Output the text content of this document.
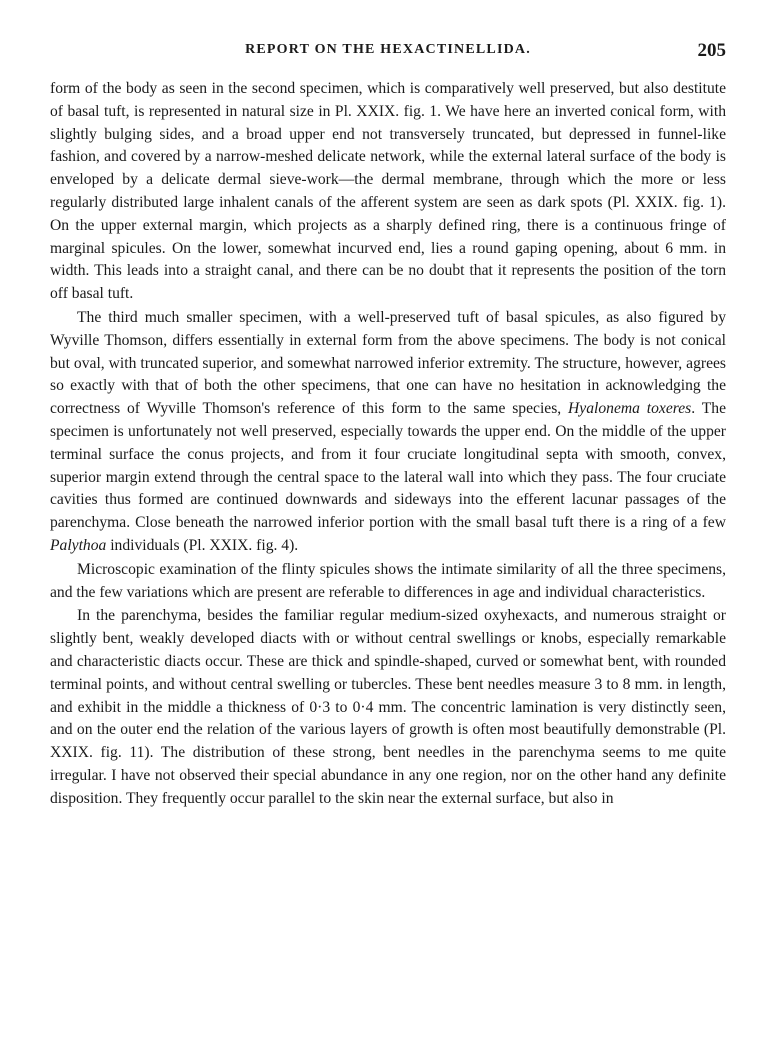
REPORT ON THE HEXACTINELLIDA.	205

form of the body as seen in the second specimen, which is comparatively well preserved, but also destitute of basal tuft, is represented in natural size in Pl. XXIX. fig. 1. We have here an inverted conical form, with slightly bulging sides, and a broad upper end not transversely truncated, but depressed in funnel-like fashion, and covered by a narrow-meshed delicate network, while the external lateral surface of the body is enveloped by a delicate dermal sieve-work—the dermal membrane, through which the more or less regularly distributed large inhalent canals of the afferent system are seen as dark spots (Pl. XXIX. fig. 1). On the upper external margin, which projects as a sharply defined ring, there is a continuous fringe of marginal spicules. On the lower, somewhat incurved end, lies a round gaping opening, about 6 mm. in width. This leads into a straight canal, and there can be no doubt that it represents the position of the torn off basal tuft.

The third much smaller specimen, with a well-preserved tuft of basal spicules, as also figured by Wyville Thomson, differs essentially in external form from the above specimens. The body is not conical but oval, with truncated superior, and somewhat narrowed inferior extremity. The structure, however, agrees so exactly with that of both the other specimens, that one can have no hesitation in acknowledging the correctness of Wyville Thomson's reference of this form to the same species, Hyalonema toxeres. The specimen is unfortunately not well preserved, especially towards the upper end. On the middle of the upper terminal surface the conus projects, and from it four cruciate longitudinal septa with smooth, convex, superior margin extend through the central space to the lateral wall into which they pass. The four cruciate cavities thus formed are continued downwards and sideways into the efferent lacunar passages of the parenchyma. Close beneath the narrowed inferior portion with the small basal tuft there is a ring of a few Palythoa individuals (Pl. XXIX. fig. 4).

Microscopic examination of the flinty spicules shows the intimate similarity of all the three specimens, and the few variations which are present are referable to differences in age and individual characteristics.

In the parenchyma, besides the familiar regular medium-sized oxyhexacts, and numerous straight or slightly bent, weakly developed diacts with or without central swellings or knobs, especially remarkable and characteristic diacts occur. These are thick and spindle-shaped, curved or somewhat bent, with rounded terminal points, and without central swelling or tubercles. These bent needles measure 3 to 8 mm. in length, and exhibit in the middle a thickness of 0·3 to 0·4 mm. The concentric lamination is very distinctly seen, and on the outer end the relation of the various layers of growth is often most beautifully demonstrable (Pl. XXIX. fig. 11). The distribution of these strong, bent needles in the parenchyma seems to me quite irregular. I have not observed their special abundance in any one region, nor on the other hand any definite disposition. They frequently occur parallel to the skin near the external surface, but also in
